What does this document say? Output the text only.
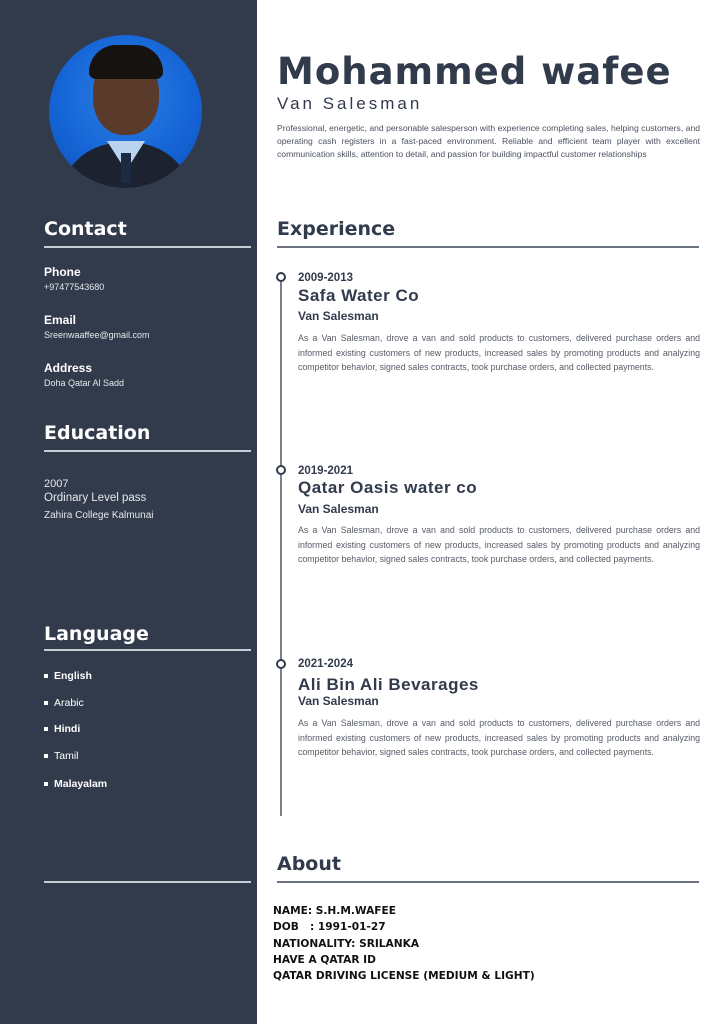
Contact
Phone
+97477543680
Email
Sreenwaaffee@gmail.com
Address
Doha Qatar Al Sadd
Education
2007
Ordinary Level pass
Zahira College Kalmunai
Language
English
Arabic
Hindi
Tamil
Malayalam
Mohammed wafee
Van Salesman
Professional, energetic, and personable salesperson with experience completing sales, helping customers, and operating cash registers in a fast-paced environment. Reliable and efficient team player with excellent communication skills, attention to detail, and passion for building impactful customer relationships
Experience
2009-2013
Safa Water Co
Van Salesman
As a Van Salesman, drove a van and sold products to customers, delivered purchase orders and informed existing customers of new products, increased sales by promoting products and analyzing competitor behavior, signed sales contracts, took purchase orders, and collected payments.
2019-2021
Qatar Oasis water co
Van Salesman
As a Van Salesman, drove a van and sold products to customers, delivered purchase orders and informed existing customers of new products, increased sales by promoting products and analyzing competitor behavior, signed sales contracts, took purchase orders, and collected payments.
2021-2024
Ali Bin Ali Bevarages
Van Salesman
As a Van Salesman, drove a van and sold products to customers, delivered purchase orders and informed existing customers of new products, increased sales by promoting products and analyzing competitor behavior, signed sales contracts, took purchase orders, and collected payments.
About
NAME: S.H.M.WAFEE
DOB   : 1991-01-27
NATIONALITY: SRILANKA
HAVE A QATAR ID
QATAR DRIVING LICENSE (MEDIUM & LIGHT)
